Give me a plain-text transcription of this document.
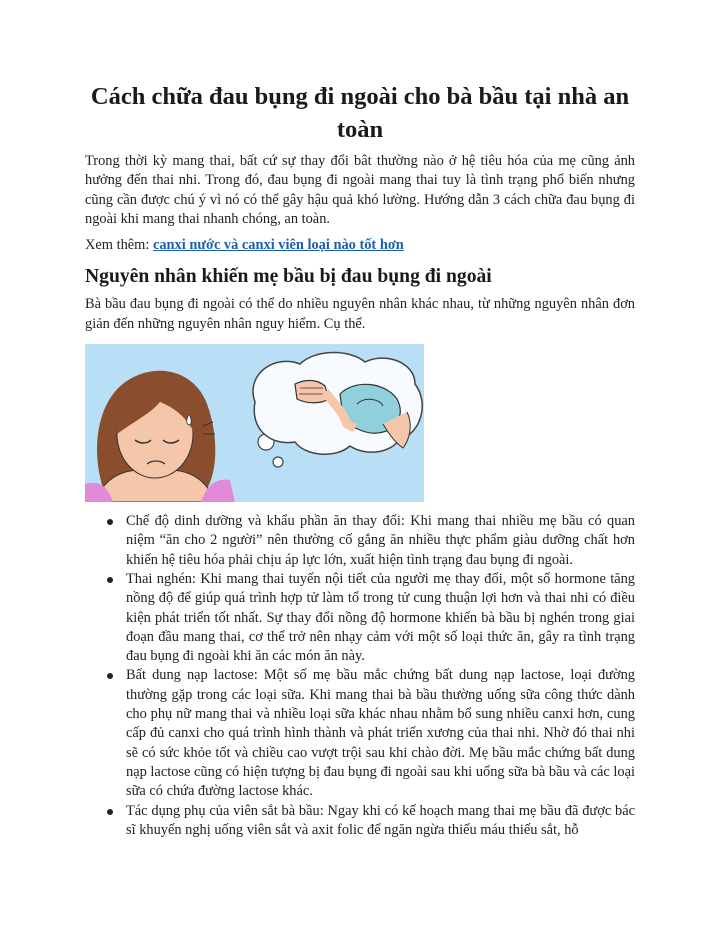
Cách chữa đau bụng đi ngoài cho bà bầu tại nhà an toàn

Trong thời kỳ mang thai, bất cứ sự thay đổi bât thường nào ở hệ tiêu hóa của mẹ cũng ảnh hưởng đến thai nhi. Trong đó, đau bụng đi ngoài mang thai tuy là tình trạng phổ biến nhưng cũng cần được chú ý vì nó có thể gây hậu quả khó lường. Hướng dẫn 3 cách chữa đau bụng đi ngoài khi mang thai nhanh chóng, an toàn.

Xem thêm: canxi nước và canxi viên loại nào tốt hơn

Nguyên nhân khiến mẹ bầu bị đau bụng đi ngoài

Bà bầu đau bụng đi ngoài có thể do nhiều nguyên nhân khác nhau, từ những nguyên nhân đơn giản đến những nguyên nhân nguy hiểm. Cụ thể.

Chế độ dinh dưỡng và khẩu phần ăn thay đổi: Khi mang thai nhiều mẹ bầu có quan niệm “ăn cho 2 người” nên thường cố gắng ăn nhiều thực phẩm giàu dưỡng chất hơn khiến hệ tiêu hóa phải chịu áp lực lớn, xuất hiện tình trạng đau bụng đi ngoài.
Thai nghén: Khi mang thai tuyến nội tiết của người mẹ thay đổi, một số hormone tăng nồng độ để giúp quá trình hợp tử làm tổ trong tử cung thuận lợi hơn và thai nhi có điều kiện phát triển tốt nhất. Sự thay đổi nồng độ hormone khiến bà bầu bị nghén trong giai đoạn đầu mang thai, cơ thể trở nên nhạy cảm với một số loại thức ăn, gây ra tình trạng đau bụng đi ngoài khi ăn các món ăn này.
Bất dung nạp lactose: Một số mẹ bầu mắc chứng bất dung nạp lactose, loại đường thường gặp trong các loại sữa. Khi mang thai bà bầu thường uống sữa công thức dành cho phụ nữ mang thai và nhiều loại sữa khác nhau nhằm bổ sung nhiều canxi hơn, cung cấp đủ canxi cho quá trình hình thành và phát triển xương của thai nhi. Nhờ đó thai nhi sẽ có sức khỏe tốt và chiều cao vượt trội sau khi chào đời. Mẹ bầu mắc chứng bất dung nạp lactose cũng có hiện tượng bị đau bụng đi ngoài sau khi uống sữa bà bầu và các loại sữa có chứa đường lactose khác.
Tác dụng phụ của viên sắt bà bầu: Ngay khi có kế hoạch mang thai mẹ bầu đã được bác sĩ khuyến nghị uống viên sắt và axit folic để ngăn ngừa thiếu máu thiếu sắt, hỗ
